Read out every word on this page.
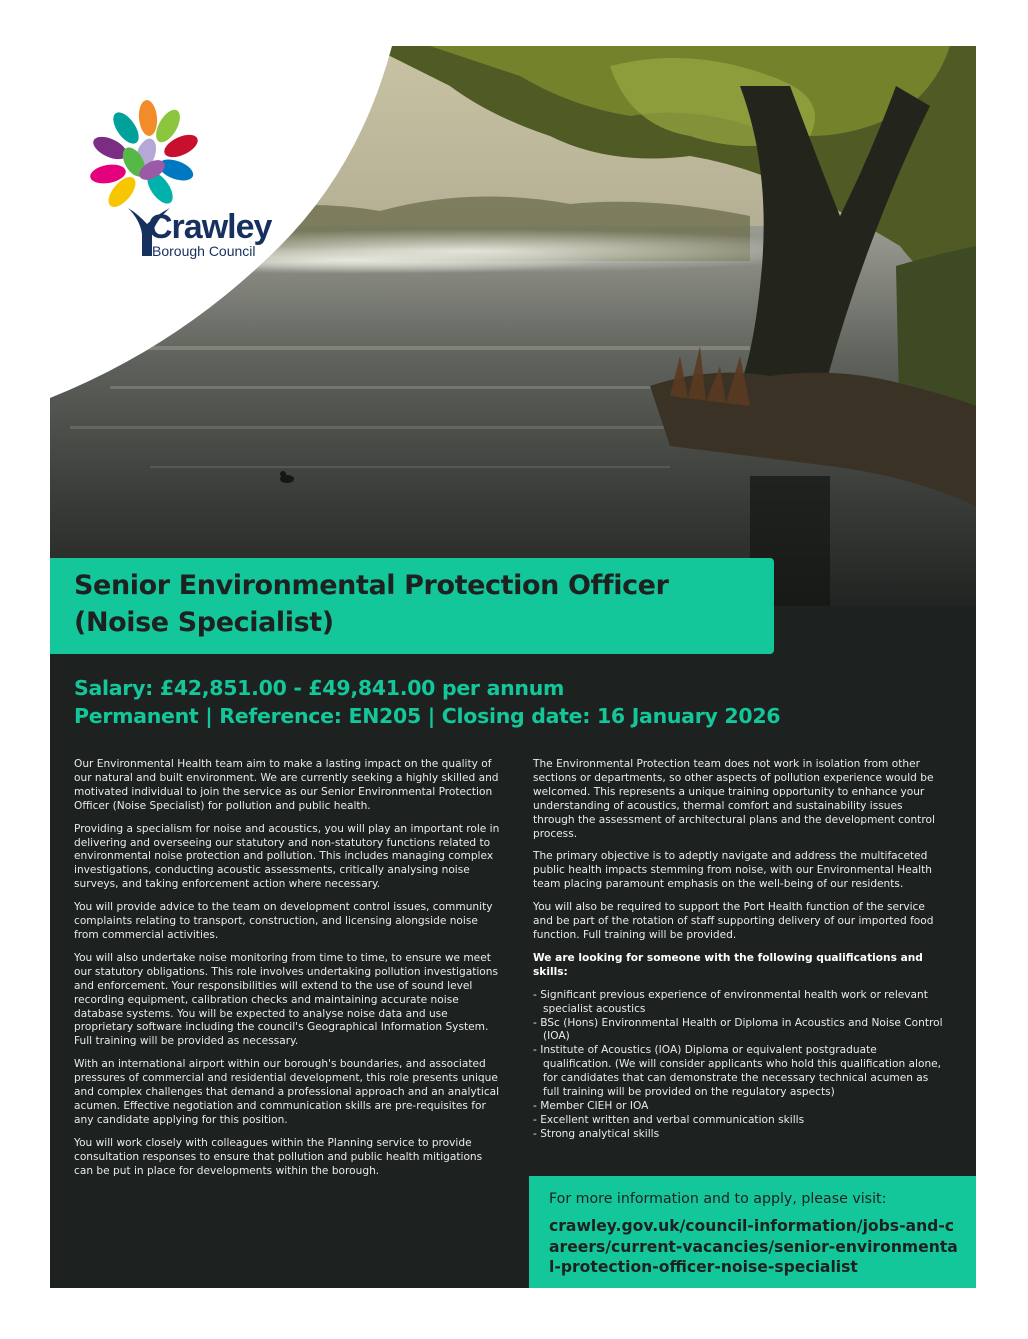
Crawley
Borough Council
Senior Environmental Protection Officer (Noise Specialist)
Salary: £42,851.00 - £49,841.00 per annum
Permanent | Reference: EN205 | Closing date: 16 January 2026

Our Environmental Health team aim to make a lasting impact on the quality of our natural and built environment. We are currently seeking a highly skilled and motivated individual to join the service as our Senior Environmental Protection Officer (Noise Specialist) for pollution and public health.

Providing a specialism for noise and acoustics, you will play an important role in delivering and overseeing our statutory and non-statutory functions related to environmental noise protection and pollution. This includes managing complex investigations, conducting acoustic assessments, critically analysing noise surveys, and taking enforcement action where necessary.

You will provide advice to the team on development control issues, community complaints relating to transport, construction, and licensing alongside noise from commercial activities.

You will also undertake noise monitoring from time to time, to ensure we meet our statutory obligations. This role involves undertaking pollution investigations and enforcement. Your responsibilities will extend to the use of sound level recording equipment, calibration checks and maintaining accurate noise database systems. You will be expected to analyse noise data and use proprietary software including the council's Geographical Information System. Full training will be provided as necessary.

With an international airport within our borough's boundaries, and associated pressures of commercial and residential development, this role presents unique and complex challenges that demand a professional approach and an analytical acumen. Effective negotiation and communication skills are pre-requisites for any candidate applying for this position.

You will work closely with colleagues within the Planning service to provide consultation responses to ensure that pollution and public health mitigations can be put in place for developments within the borough.

The Environmental Protection team does not work in isolation from other sections or departments, so other aspects of pollution experience would be welcomed. This represents a unique training opportunity to enhance your understanding of acoustics, thermal comfort and sustainability issues through the assessment of architectural plans and the development control process.

The primary objective is to adeptly navigate and address the multifaceted public health impacts stemming from noise, with our Environmental Health team placing paramount emphasis on the well-being of our residents.

You will also be required to support the Port Health function of the service and be part of the rotation of staff supporting delivery of our imported food function. Full training will be provided.

We are looking for someone with the following qualifications and skills:

- Significant previous experience of environmental health work or relevant specialist acoustics
- BSc (Hons) Environmental Health or Diploma in Acoustics and Noise Control (IOA)
- Institute of Acoustics (IOA) Diploma or equivalent postgraduate qualification. (We will consider applicants who hold this qualification alone, for candidates that can demonstrate the necessary technical acumen as full training will be provided on the regulatory aspects)
- Member CIEH or IOA
- Excellent written and verbal communication skills
- Strong analytical skills
For more information and to apply, please visit:
crawley.gov.uk/council-information/jobs-and-careers/current-vacancies/senior-environmental-protection-officer-noise-specialist
